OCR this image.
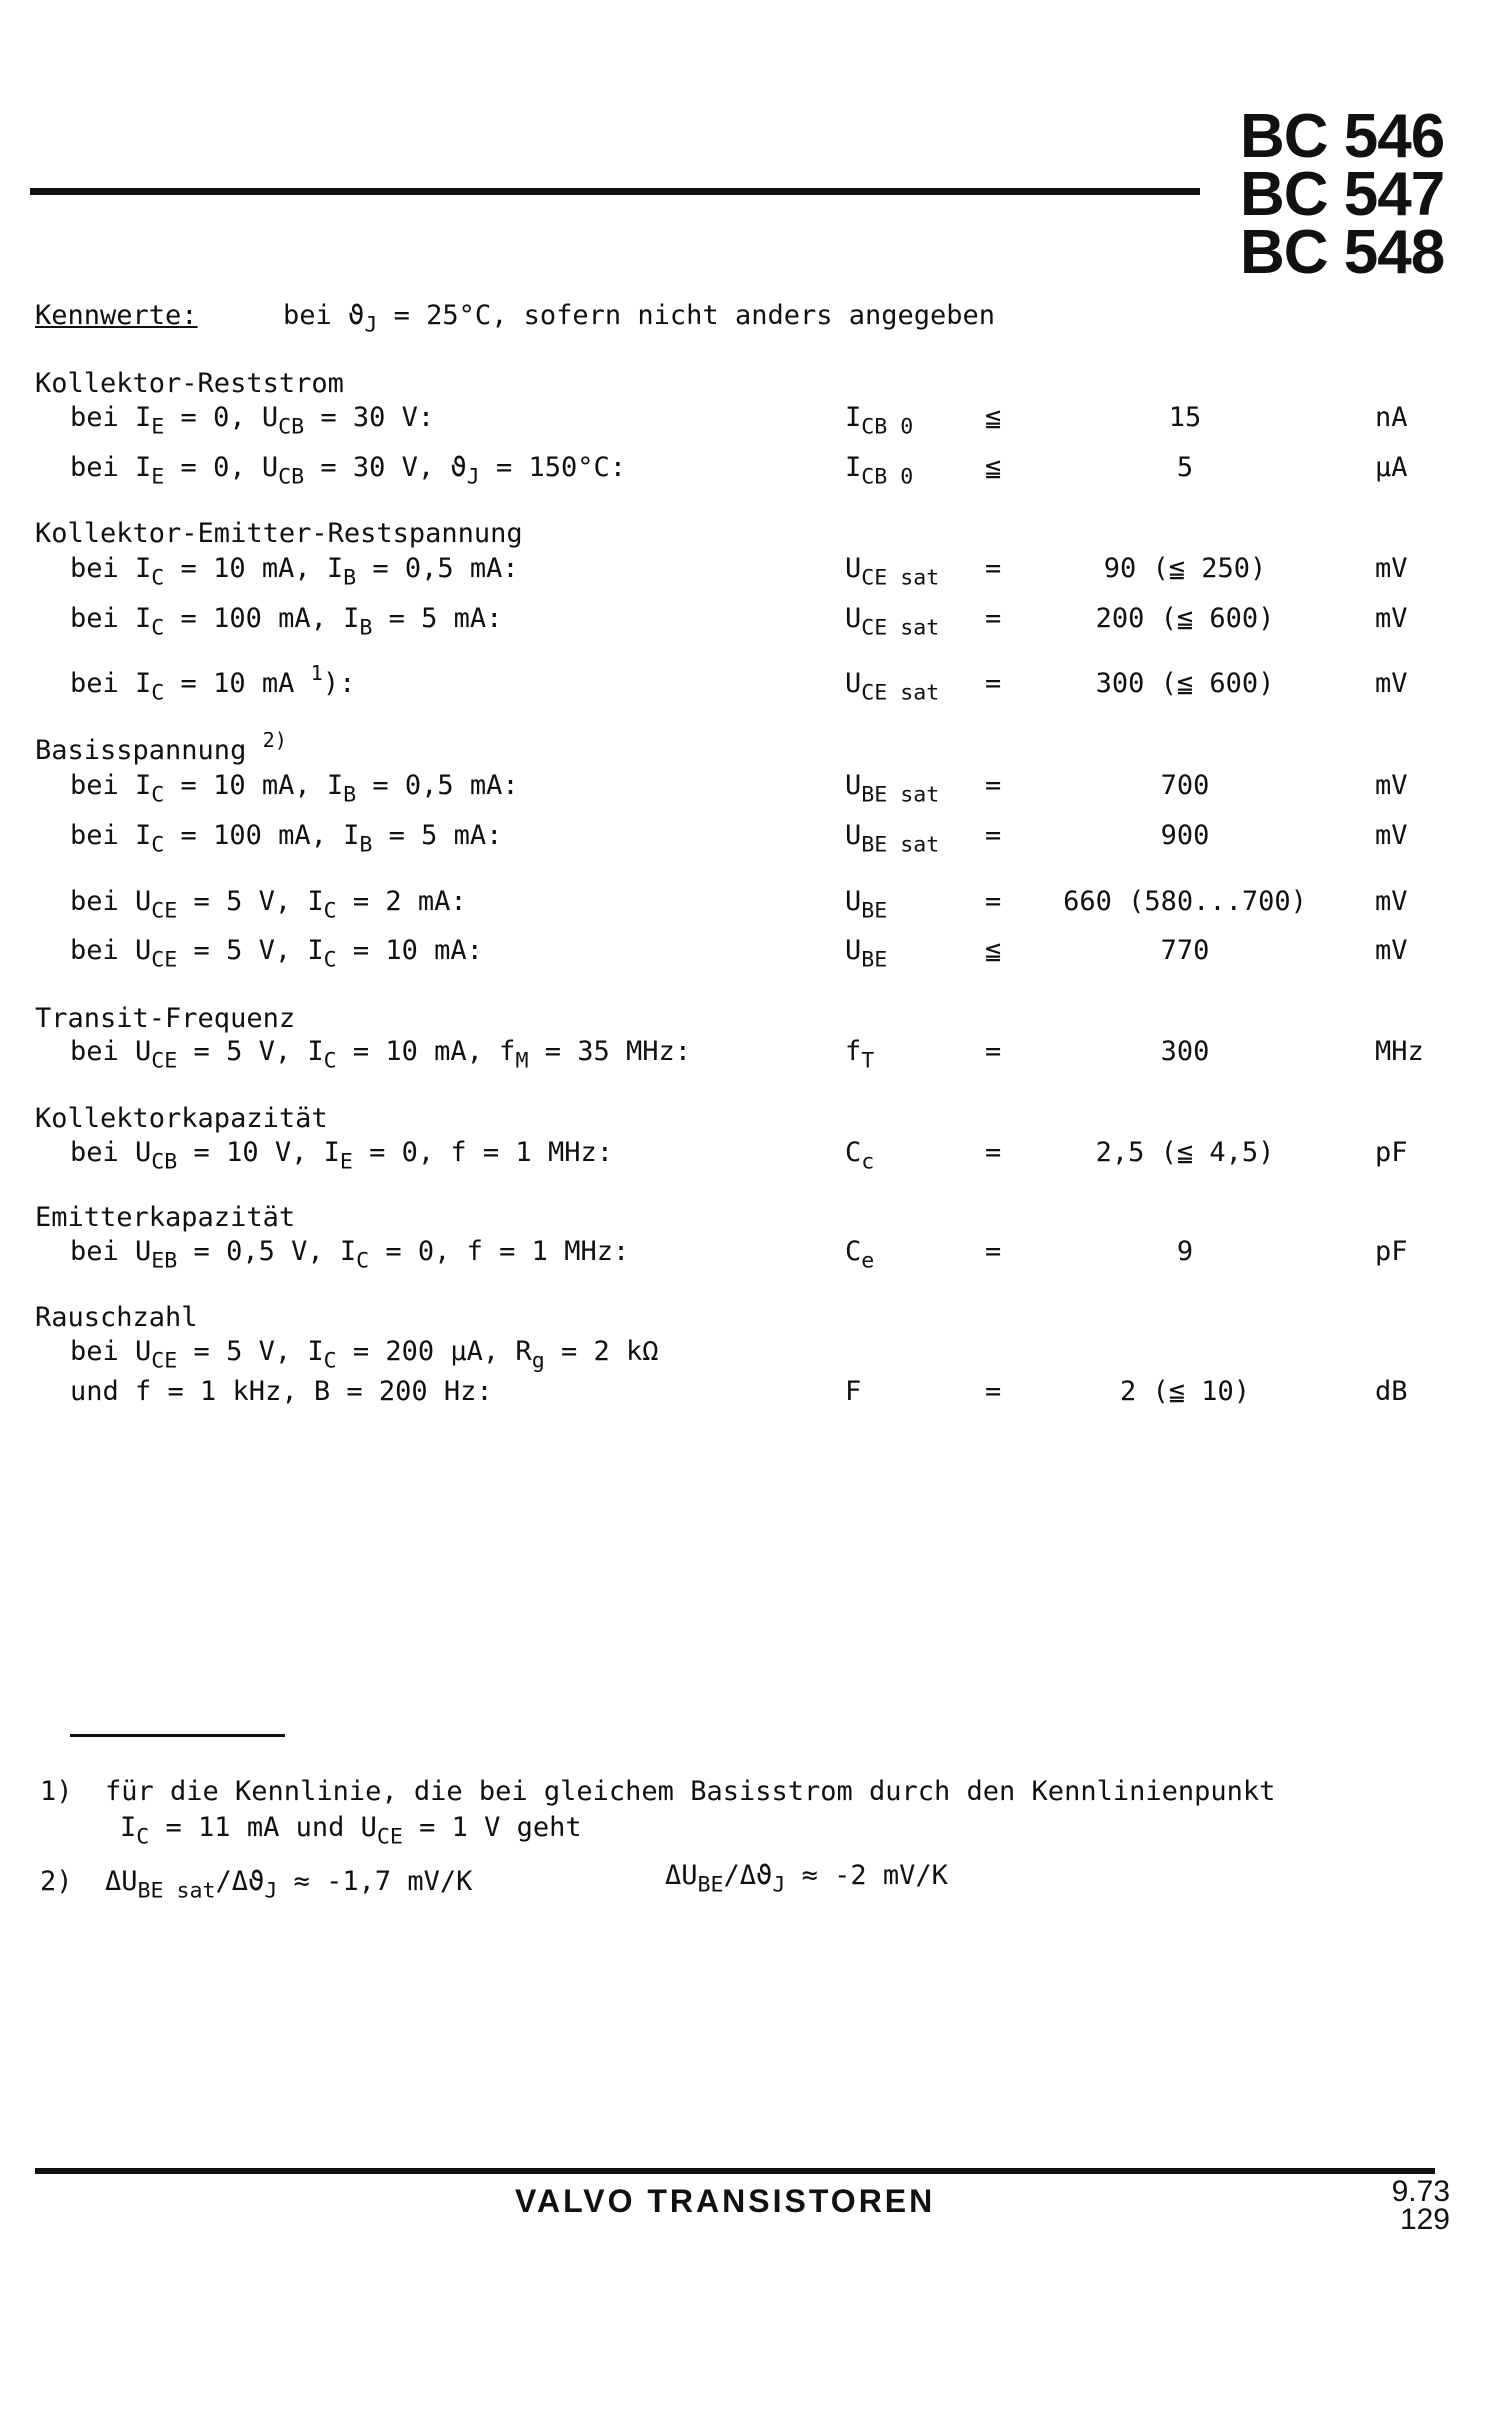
BC 546
BC 547
BC 548
Kennwerte:	bei $ϑ_J = 25^\circ C$, sofern nicht anders angegeben
Kollektor-Reststrom
bei $I_E = 0$, $U_{CB} = 30$ V:	$I_{CB 0}$	≦	15	nA
bei $I_E = 0$, $U_{CB} = 30$ V, $ϑ_J = 150^\circ C$:	$I_{CB 0}$	≦	5	µA
Kollektor-Emitter-Restspannung
bei $I_C = 10$ mA, $I_B = 0,5$ mA:	$U_{CE sat}$ =	90 (≦ 250)	mV
bei $I_C = 100$ mA, $I_B = 5$ mA:	$U_{CE sat}$ =	200 (≦ 600)	mV
bei $I_C = 10$ mA $^1$):	$U_{CE sat}$ =	300 (≦ 600)	mV
Basisspannung $^{2)}$
bei $I_C = 10$ mA, $I_B = 0,5$ mA:	$U_{BE sat}$ =	700	mV
bei $I_C = 100$ mA, $I_B = 5$ mA:	$U_{BE sat}$ =	900	mV
bei $U_{CE} = 5$ V, $I_C = 2$ mA:	$U_{BE}$	=	660 (580...700)	mV
bei $U_{CE} = 5$ V, $I_C = 10$ mA:	$U_{BE}$	≦	770	mV
Transit-Frequenz
bei $U_{CE} = 5$ V, $I_C = 10$ mA, $f_M = 35$ MHz:	$f_T$	=	300	MHz
Kollektorkapazität
bei $U_{CB} = 10$ V, $I_E = 0$, f = 1 MHz:	$C_c$	=	2,5 (≦ 4,5)	pF
Emitterkapazität
bei $U_{EB} = 0,5$ V, $I_C = 0$, f = 1 MHz:	$C_e$	=	9	pF
Rauschzahl
bei $U_{CE} = 5$ V, $I_C = 200$ µA, $R_g = 2$ kΩ
und f = 1 kHz, B = 200 Hz:	F	=	2 (≦ 10)	dB
1) für die Kennlinie, die bei gleichem Basisstrom durch den Kennlinienpunkt
$I_C = 11$ mA und $U_{CE} = 1$ V geht
2) $\Delta U_{BE sat}/\Delta ϑ_J \approx -1,7$ mV/K	$\Delta U_{BE}/\Delta ϑ_J \approx -2$ mV/K
VALVO TRANSISTOREN	9.73
129
